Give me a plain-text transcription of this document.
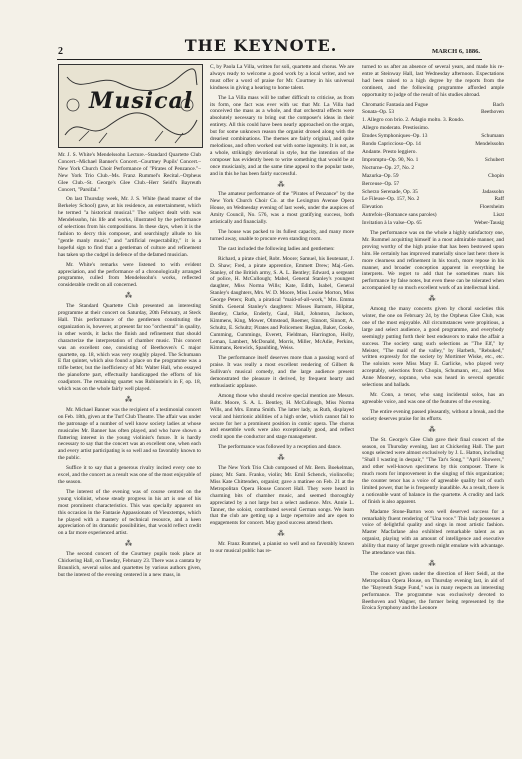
2	THE KEYNOTE.	MARCH 6, 1886.
Musical

Mr. J. S. White's Mendelssohn Lecture.–Standard Quartette Club Concert.–Michael Banner's Concert.–Courtney Pupils' Concert.–New York Church Choir Performance of "Pirates of Penzance."–New York Trio Club.–Ms. Franz Rummel's Recital.–Orpheus Glee Club.–St. George's Glee Club.–Herr Seidl's Bayreuth Concert, "Parsifal."

On last Thursday week, Mr. J. S. White (head master of the Berkeley School) gave, at his residence, an entertainment, which he termed "a historical musical." The subject dealt with was Mendelssohn, his life and works, illustrated by the performance of selections from his compositions. In these days, when it is the fashion to decry this composer, and searchingly allude to his "gentle manly music," and "artificial respectability," it is a hopeful sign to find that a gentleman of culture and refinement has taken up the cudgel in defence of the defamed musician.

Mr. White's remarks were listened to with evident appreciation, and the performance of a chronologically arranged programme, culled from Mendelssohn's works, reflected considerable credit on all concerned.

⁂

The Standard Quartette Club presented an interesting programme at their concert on Saturday, 20th February, at Steck Hall. This performance of the gentlemen constituting the organization is, however, at present far too "orchestral" in quality, in other words, it lacks the finish and refinement that should characterize the interpretation of chamber music. This concert was an excellent one, consisting of Beethoven's C major quartette, op. 18, which was very roughly played. The Schumann E flat quintet, which also found a place on the programme was a trifle better, but the inefficiency of Mr. Walter Hall, who essayed the pianoforte part, effectually handicapped the efforts of his coadjutors. The remaining quartet was Rubinstein's in F, op. 18, which was on the whole fairly well played.

⁂

Mr. Michael Banner was the recipient of a testimonial concert on Feb. 18th, given at the Turf Club Theatre. The affair was under the patronage of a number of well know society ladies at whose musicales Mr. Banner has often played, and who have shown a flattering interest in the young violinist's future. It is hardly necessary to say that the concert was an excellent one, when each and every artist participating is so well and so favorably known to the public.

Suffice it to say that a generous rivalry incited every one to excel, and the concert as a result was one of the most enjoyable of the season.

The interest of the evening was of course centred on the young violinist, whose steady progress in his art is one of his most prominent characteristics. This was specially apparent on this occasion in the Fantasie Appassionato of Vieuxtemps, which he played with a mastery of technical resource, and a keen appreciation of its dramatic possibilities, that would reflect credit on a far more experienced artist.

⁂

The second concert of the Courtney pupils took place at Chickering Hall, on Tuesday, February 23. There was a cantata by Braunlich, several solos and quartettes by various authors given, but the interest of the evening centered in a new mass, in

C, by Paola La Villa, written for soli, quartette and chorus. We are always ready to welcome a good work by a local writer, and we must offer a word of praise for Mr. Courtney in his universal kindness in giving a hearing to home talent.

The La Villa mass will be rather difficult to criticise, as from its form, one fact was ever with us: that Mr. La Villa had conceived the mass as a whole, and that orchestral effects were absolutely necessary to bring out the composer's ideas in their entirety. All this could have been nearly approached on the organ, but for some unknown reason the organist droned along with the dreariest combinations. The themes are fairly original, and quite melodious, and often worked out with some ingenuity. It is not, as a whole, strikingly devotional in style, but the intention of the composer has evidently been to write something that would be at once musicianly, and at the same time appeal to the popular taste, and in this he has been fairly successful.

⁂

The amateur performance of the "Pirates of Penzance" by the New York Church Choir Co. at the Lexington Avenue Opera House, on Wednesday evening of last week, under the auspices of Amity Council, No. 576, was a most gratifying success, both artistically and financially.

The house was packed to its fullest capacity, and many more turned away, unable to procure even standing room.

The cast included the following ladies and gentlemen:

Richard, a pirate chief, Robt. Moore; Samuel, his lieutenant, J. D. Shaw; Fred, a pirate apprentice, Emmett Drew; Maj.-Gen. Stanley, of the British army, S. A. L. Bentley; Edward, a sergeant of police, H. McCullough; Mabel, General Stanley's youngest daughter, Miss Norma Wills; Kate, Edith, Isabel, General Stanley's daughters, Mrs. W. D. Moore, Miss Louise Morton, Miss George Peters; Ruth, a piratical "maid-of-all-work," Mrs. Emma Smith. General Stanley's daughters: Misses Barnum, Hilpitat, Bentley, Clarke, Enderly, Gaul, Hall, Johnston, Jackson, Kimmens, King, Mower, Olmstead, Roemer, Sinnott, Sinnott, A. Schultz, E. Schultz; Pirates and Policemen: Reglan, Baker, Cooke, Cumming, Cummings, Everett, Fieldman, Harrington, Holly, Leman, Lambert, McDonald, Morris, Miller, McAdie, Perkins, Kimmans, Renwick, Spaulding, Weiss.

The performance itself deserves more than a passing word of praise. It was really a most excellent rendering of Gilbert & Sullivan's musical comedy, and the large audience present demonstrated the pleasure it derived, by frequent hearty and enthusiastic applause.

Among those who should receive special mention are Messrs. Robt. Moore, S. A. L. Bentley, H. McCullough, Miss Norma Wills, and Mrs. Emma Smith. The latter lady, as Ruth, displayed vocal and histrionic abilities of a high order, which cannot fail to secure for her a prominent position in comic opera. The chorus and ensemble work were also exceptionally good, and reflect credit upon the conductor and stage management.

The performance was followed by a reception and dance.

⁂

The New York Trio Club composed of Mr. Bern. Boekelman, piano; Mr. Sam. Franko, violin; Mr. Emil Schenck, violincello; Miss Kate Chittenden, organist; gave a matinee on Feb. 21 at the Metropolitan Opera House Concert Hall. They were heard in charming bits of chamber music, and seemed thoroughly appreciated by a not large but a select audience. Mrs. Annie L. Tanner, the soloist, contributed several German songs. We learn that the club are getting up a large repertoire and are open to engagements for concert. May good success attend them.

⁂

Mr. Franz Rummel, a pianist so well and so favorably known to our musical public has re-

turned to us after an absence of several years, and made his re-entre at Steinway Hall, last Wednesday afternoon. Expectations had been raised to a high degree by the reports from the continent, and the following programme afforded ample opportunity to judge of the result of his studies abroad.

Chromatic Fantasia and Fugue	Bach
Sonata–Op. 53	Beethoven
1. Allegro con brio. 2. Adagio molto. 3. Rondo.
Allegro moderato. Prestissimo.
Etudes Symphoniques–Op. 13	Schumann
Rondo Capriccioso–Op. 14	Mendelssohn
Andante. Presto leggiero.
Impromptu–Op. 90, No. 1	Schubert
Nocturne–Op. 27, No. 2
Mazurka–Op. 59	Chopin
Berceuse–Op. 57
Scherzo Serenade, Op. 35	Jadassohn
Le Fileuse–Op. 157, No. 2	Raff
Elevation	Floersheim
Autrefois–(Romance sans paroles)	Liszt
Invitation à la valse–Op. 65	Weber-Tausig

The performance was on the whole a highly satisfactory one, Mr. Rummel acquitting himself in a most admirable manner, and proving worthy of the high praise that has been bestowed upon him. He certainly has improved materially since last here: there is more clearness and refinement in his touch, more repose in his manner, and broader conception apparent in everything he interprets. We regret to add that he sometimes mars his performance by false notes, but even these can be tolerated when accompanied by so much excellent work of an intellectual kind.

⁂

Among the many concerts given by choral societies this winter, the one on February 24, by the Orpheus Glee Club, was one of the most enjoyable. All circumstances were propitious, a large and select audience, a good programme, and everybody seemingly putting forth their best endeavors to make the affair a success. The society sang such selections as "The Elf," by Meister, "The maid of the valley," by Harbeth, "Rebuked," written expressly for the society by Mortimer Wiske, etc., etc. The soloists were Miss Mary E. Garlicke, who played very acceptably, selections from Chopin, Schumann, etc., and Miss Anne Mooney, soprano, who was heard in several operatic selections and ballads.

Mr. Conn, a tenor, who sang incidental solos, has an agreeable voice, and was one of the features of the evening.

The entire evening passed pleasantly, without a break, and the society deserves praise for its efforts.

⁂

The St. George's Glee Club gave their final concert of the season, on Thursday evening, last at Chickering Hall. The part songs selected were almost exclusively by J. L. Hatton, including "Shall I wasting in despair," "The Tar's Song," "April Showers," and other well-known specimens by this composer. There is much room for improvement in the singing of this organization; the counter tenor has a voice of agreeable quality but of such limited power, that he is frequently inaudible. As a result, there is a noticeable want of balance in the quartette. A crudity and lack of finish is also apparent.

Madame Stone-Barton won well deserved success for a remarkably fluent rendering of "Una voce." This lady possesses a voice of delightful quality and sings in most artistic fashion. Master Macfarlane also exhibited remarkable talent as an organist, playing with an amount of intelligence and executive ability that many of larger growth might emulate with advantage. The attendance was thin.

⁂

The concert given under the direction of Herr Seidl, at the Metropolitan Opera House, on Thursday evening last, in aid of the "Bayreuth Stage Fund," was in many respects an interesting performance. The programme was exclusively devoted to Beethoven and Wagner, the former being represented by the Eroica Symphony and the Leonore
